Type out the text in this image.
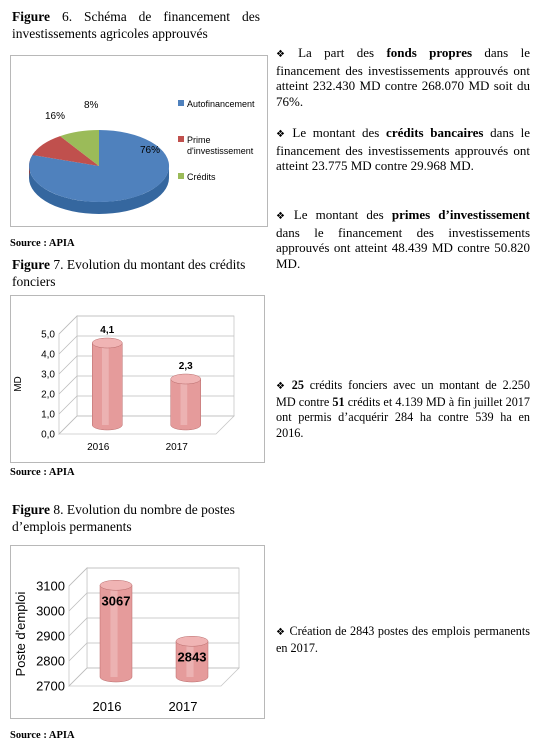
Figure 6. Schéma de financement des investissements agricoles approuvés
76%
16%
8%	Autofinancement
Prime
d'investissement
Crédits
Source : APIA
Figure 7. Evolution du montant des crédits fonciers
0,0
1,0
2,0
3,0
4,0
5,0
MD
4,1
2016
2,3
2017
Source : APIA
Figure 8. Evolution du nombre de postes d’emplois permanents
2700
2800
2900
3000
3100
Poste d'emploi	3067
2016
2843
2017
Source : APIA
❖ La part des fonds propres dans le financement des investissements approuvés ont atteint 232.430 MD contre 268.070 MD soit du 76%.
❖ Le montant des crédits bancaires dans le financement des investissements approuvés ont atteint 23.775 MD contre 29.968 MD.
❖ Le montant des primes d’investissement dans le financement des investissements approuvés ont atteint 48.439 MD contre 50.820 MD.
❖ 25 crédits fonciers avec un montant de 2.250 MD contre 51 crédits et 4.139 MD à fin juillet 2017 ont permis d’acquérir 284 ha contre 539 ha en 2016.
❖ Création de 2843 postes des emplois permanents en 2017.
